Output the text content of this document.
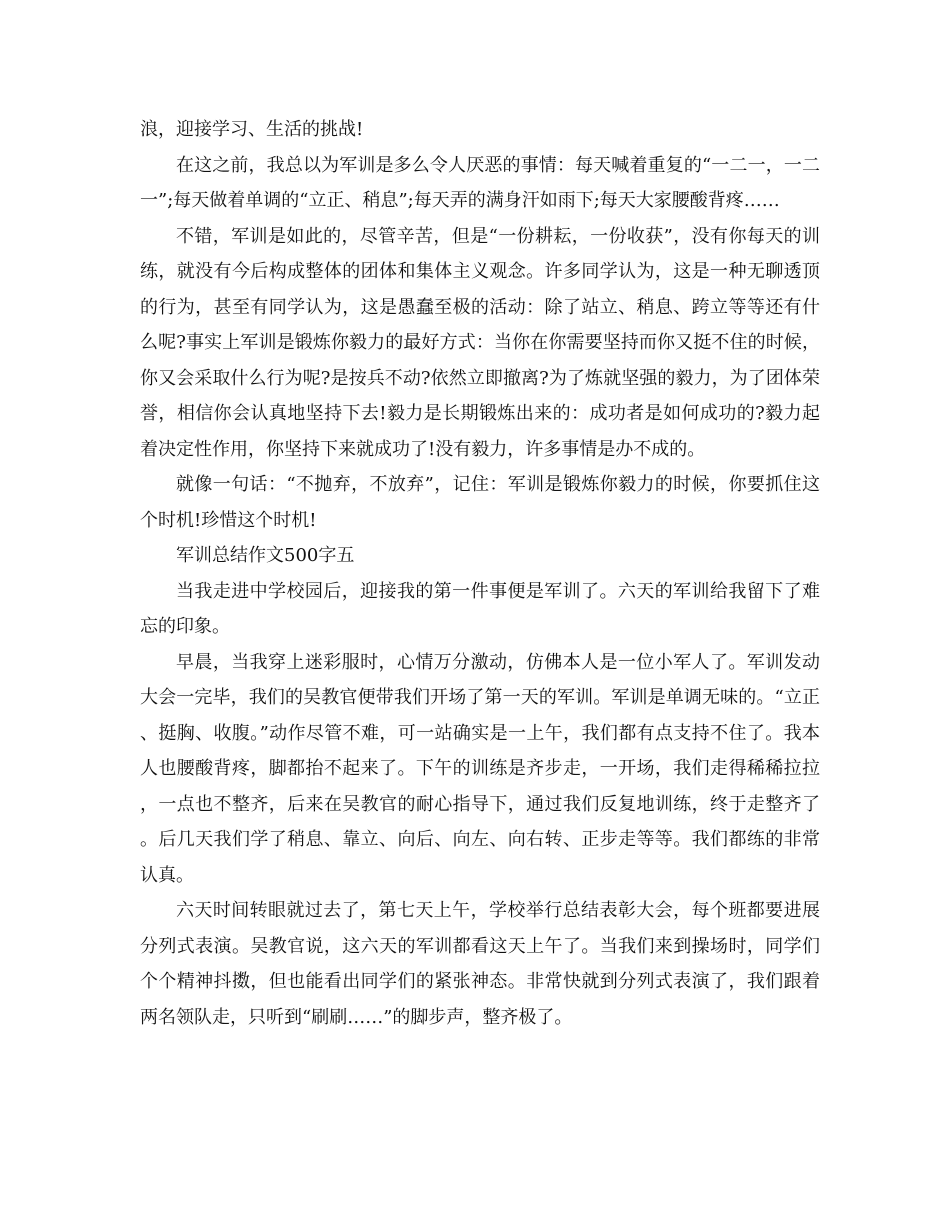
浪，迎接学习、生活的挑战!

在这之前，我总以为军训是多么令人厌恶的事情：每天喊着重复的“一二一，一二一”;每天做着单调的“立正、稍息”;每天弄的满身汗如雨下;每天大家腰酸背疼……

不错，军训是如此的，尽管辛苦，但是“一份耕耘，一份收获”，没有你每天的训练，就没有今后构成整体的团体和集体主义观念。许多同学认为，这是一种无聊透顶的行为，甚至有同学认为，这是愚蠢至极的活动：除了站立、稍息、跨立等等还有什么呢?事实上军训是锻炼你毅力的最好方式：当你在你需要坚持而你又挺不住的时候，你又会采取什么行为呢?是按兵不动?依然立即撤离?为了炼就坚强的毅力，为了团体荣誉，相信你会认真地坚持下去!毅力是长期锻炼出来的：成功者是如何成功的?毅力起着决定性作用，你坚持下来就成功了!没有毅力，许多事情是办不成的。

就像一句话：“不抛弃，不放弃”，记住：军训是锻炼你毅力的时候，你要抓住这个时机!珍惜这个时机!

军训总结作文500字五

当我走进中学校园后，迎接我的第一件事便是军训了。六天的军训给我留下了难忘的印象。

早晨，当我穿上迷彩服时，心情万分激动，仿佛本人是一位小军人了。军训发动大会一完毕，我们的吴教官便带我们开场了第一天的军训。军训是单调无味的。“立正、挺胸、收腹。”动作尽管不难，可一站确实是一上午，我们都有点支持不住了。我本人也腰酸背疼，脚都抬不起来了。下午的训练是齐步走，一开场，我们走得稀稀拉拉，一点也不整齐，后来在吴教官的耐心指导下，通过我们反复地训练，终于走整齐了。后几天我们学了稍息、靠立、向后、向左、向右转、正步走等等。我们都练的非常认真。

六天时间转眼就过去了，第七天上午，学校举行总结表彰大会，每个班都要进展分列式表演。吴教官说，这六天的军训都看这天上午了。当我们来到操场时，同学们个个精神抖擞，但也能看出同学们的紧张神态。非常快就到分列式表演了，我们跟着两名领队走，只听到“刷刷……”的脚步声，整齐极了。
